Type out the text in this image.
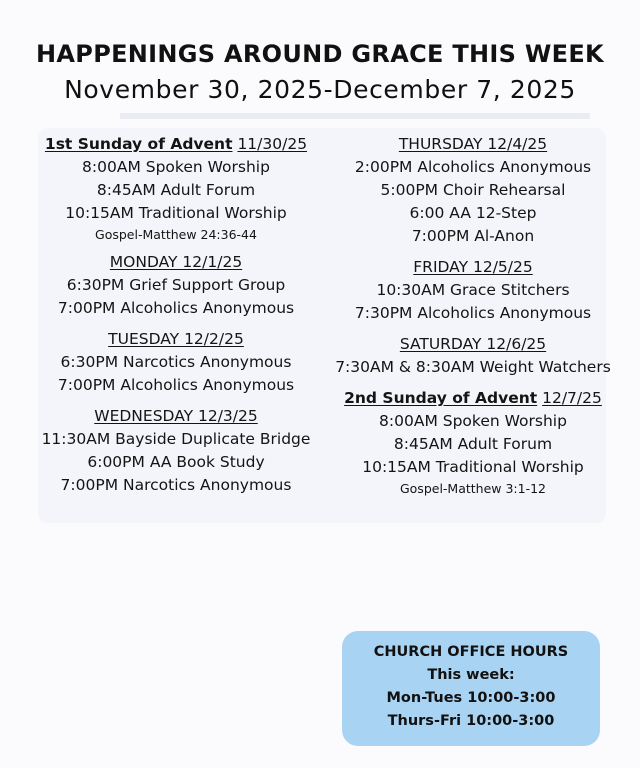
HAPPENINGS AROUND GRACE THIS WEEK
November 30, 2025-December 7, 2025
1st Sunday of Advent 11/30/25
8:00AM Spoken Worship
8:45AM Adult Forum
10:15AM Traditional Worship
Gospel-Matthew 24:36-44
MONDAY 12/1/25
6:30PM Grief Support Group
7:00PM Alcoholics Anonymous
TUESDAY 12/2/25
6:30PM Narcotics Anonymous
7:00PM Alcoholics Anonymous
WEDNESDAY 12/3/25
11:30AM Bayside Duplicate Bridge
6:00PM AA Book Study
7:00PM Narcotics Anonymous
THURSDAY 12/4/25
2:00PM Alcoholics Anonymous
5:00PM Choir Rehearsal
6:00 AA 12-Step
7:00PM Al-Anon
FRIDAY 12/5/25
10:30AM Grace Stitchers
7:30PM Alcoholics Anonymous
SATURDAY 12/6/25
7:30AM & 8:30AM Weight Watchers
2nd Sunday of Advent 12/7/25
8:00AM Spoken Worship
8:45AM Adult Forum
10:15AM Traditional Worship
Gospel-Matthew 3:1-12
CHURCH OFFICE HOURS
This week:
Mon-Tues 10:00-3:00
Thurs-Fri 10:00-3:00
